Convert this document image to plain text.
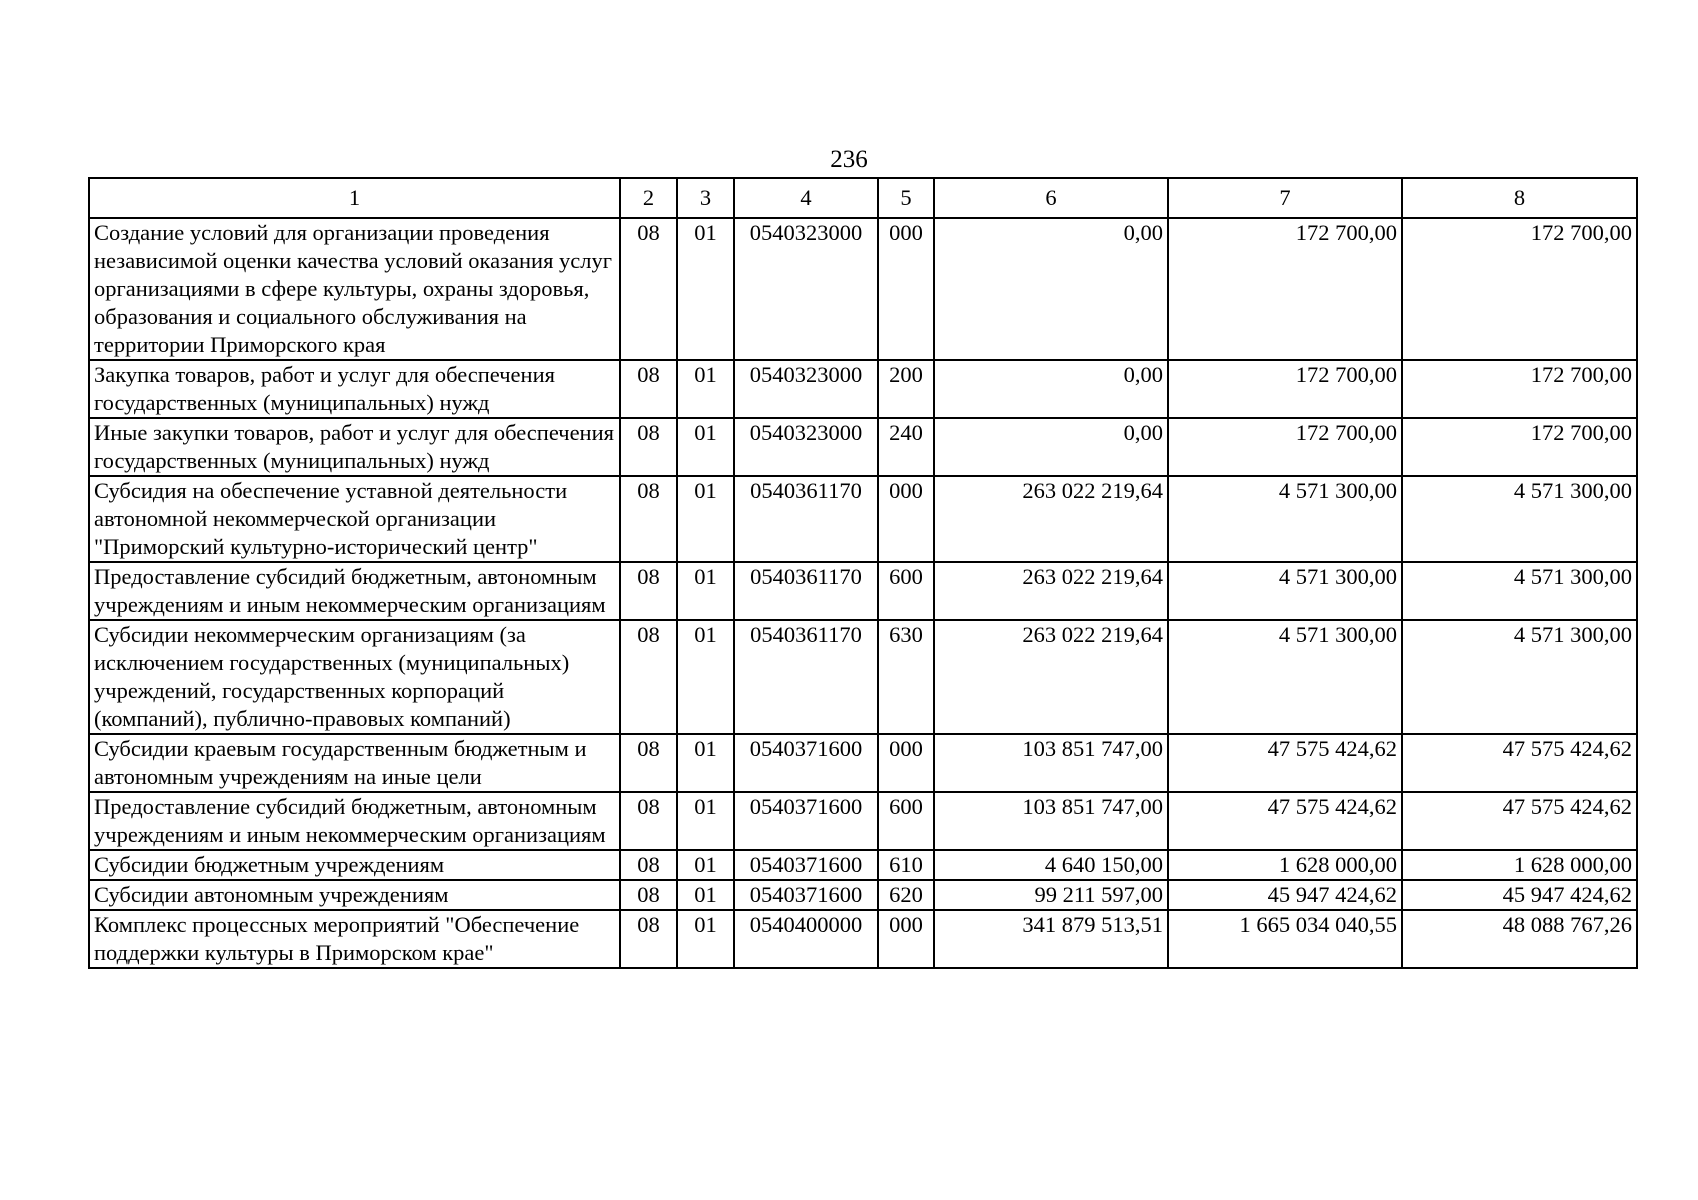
236
1	2	3	4	5	6	7	8
Создание условий для организации проведения независимой оценки качества условий оказания услуг организациями в сфере культуры, охраны здоровья, образования и социального обслуживания на территории Приморского края	08	01	0540323000	000	0,00	172 700,00	172 700,00
Закупка товаров, работ и услуг для обеспечения государственных (муниципальных) нужд	08	01	0540323000	200	0,00	172 700,00	172 700,00
Иные закупки товаров, работ и услуг для обеспечения государственных (муниципальных) нужд	08	01	0540323000	240	0,00	172 700,00	172 700,00
Субсидия на обеспечение уставной деятельности автономной некоммерческой организации "Приморский культурно-исторический центр"	08	01	0540361170	000	263 022 219,64	4 571 300,00	4 571 300,00
Предоставление субсидий бюджетным, автономным учреждениям и иным некоммерческим организациям	08	01	0540361170	600	263 022 219,64	4 571 300,00	4 571 300,00
Субсидии некоммерческим организациям (за исключением государственных (муниципальных) учреждений, государственных корпораций (компаний), публично-правовых компаний)	08	01	0540361170	630	263 022 219,64	4 571 300,00	4 571 300,00
Субсидии краевым государственным бюджетным и автономным учреждениям на иные цели	08	01	0540371600	000	103 851 747,00	47 575 424,62	47 575 424,62
Предоставление субсидий бюджетным, автономным учреждениям и иным некоммерческим организациям	08	01	0540371600	600	103 851 747,00	47 575 424,62	47 575 424,62
Субсидии бюджетным учреждениям	08	01	0540371600	610	4 640 150,00	1 628 000,00	1 628 000,00
Субсидии автономным учреждениям	08	01	0540371600	620	99 211 597,00	45 947 424,62	45 947 424,62
Комплекс процессных мероприятий "Обеспечение поддержки культуры в Приморском крае"	08	01	0540400000	000	341 879 513,51	1 665 034 040,55	48 088 767,26
